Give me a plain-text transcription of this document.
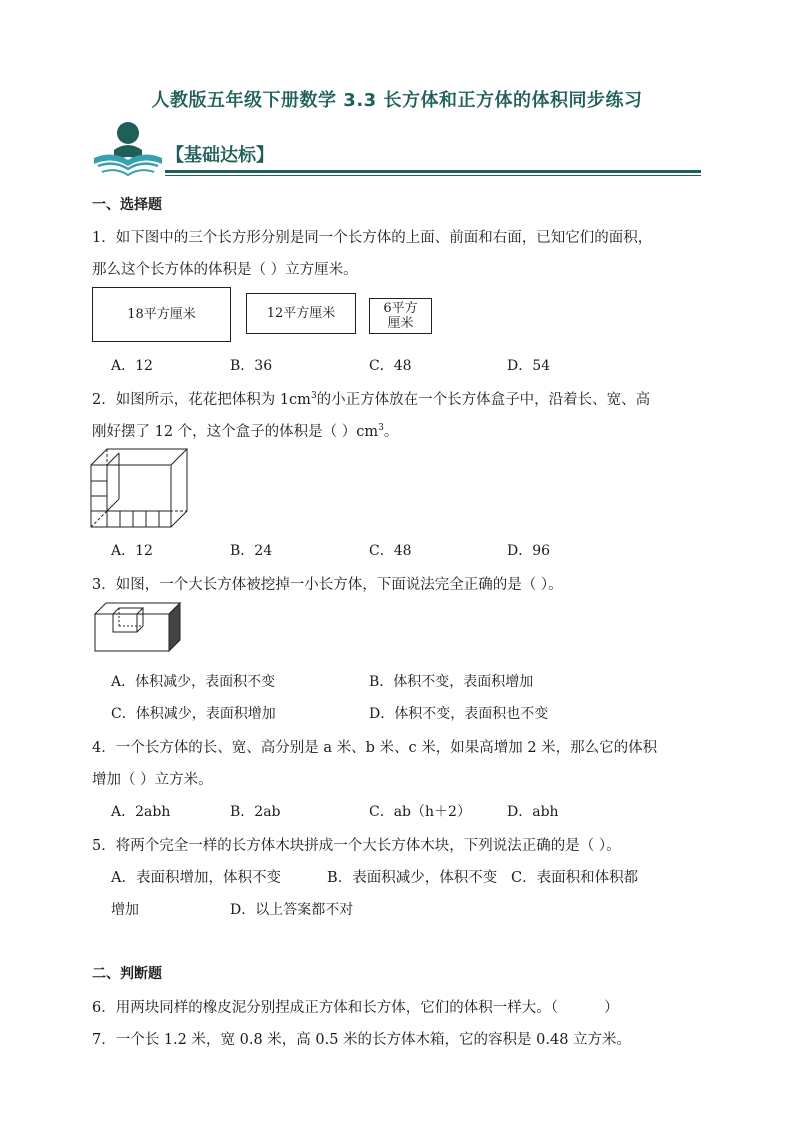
人教版五年级下册数学 3.3 长方体和正方体的体积同步练习
【基础达标】
一、选择题
1．如下图中的三个长方形分别是同一个长方体的上面、前面和右面，已知它们的面积，
那么这个长方体的体积是（ ）立方厘米。
18平方厘米	12平方厘米	6平方
厘米
A．12	B．36	C．48	D．54
2．如图所示，花花把体积为 $1cm^3$的小正方体放在一个长方体盒子中，沿着长、宽、高
刚好摆了 12 个，这个盒子的体积是（ ）$cm^3$。
A．12	B．24	C．48	D．96
3．如图，一个大长方体被挖掉一小长方体，下面说法完全正确的是（ ）。
A．体积减少，表面积不变	B．体积不变，表面积增加
C．体积减少，表面积增加	D．体积不变，表面积也不变
4．一个长方体的长、宽、高分别是 a 米、b 米、c 米，如果高增加 2 米，那么它的体积
增加（ ）立方米。
A．2abh	B．2ab	C．ab（h＋2）	D．abh
5．将两个完全一样的长方体木块拼成一个大长方体木块，下列说法正确的是（ ）。
A．表面积增加，体积不变          B．表面积减少，体积不变   C．表面积和体积都
增加	D．以上答案都不对
二、判断题
6．用两块同样的橡皮泥分别捏成正方体和长方体，它们的体积一样大。（          ）
7．一个长 1.2 米，宽 0.8 米，高 0.5 米的长方体木箱，它的容积是 0.48 立方米。
